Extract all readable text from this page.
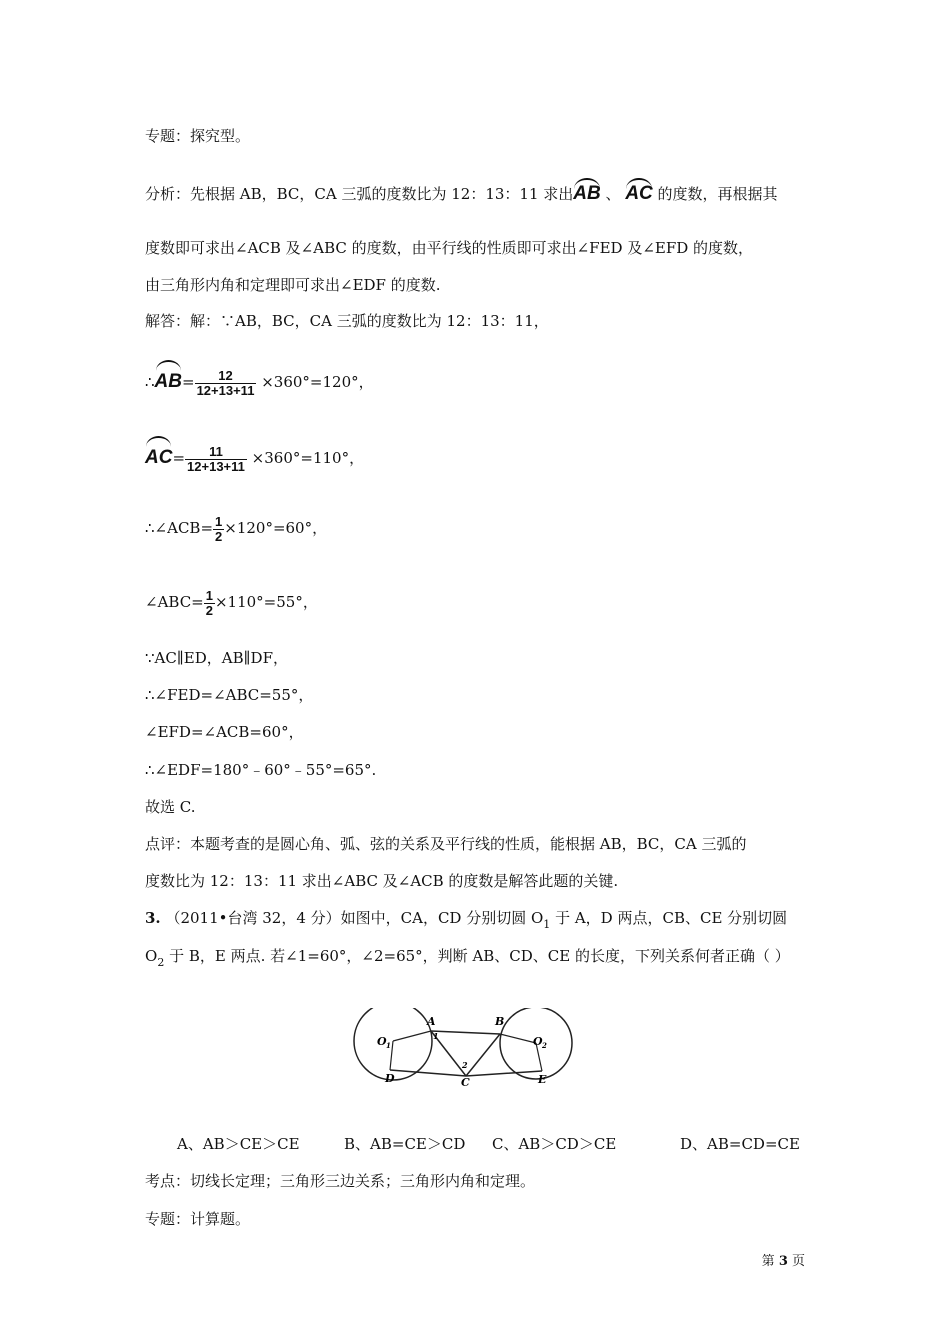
专题：探究型。
分析：先根据 AB，BC，CA 三弧的度数比为 12：13：11 求出AB 、 AC 的度数，再根据其
度数即可求出∠ACB 及∠ABC 的度数，由平行线的性质即可求出∠FED 及∠EFD 的度数，
由三角形内角和定理即可求出∠EDF 的度数.
解答：解：∵AB，BC，CA 三弧的度数比为 12：13：11，
∴AB= $\frac{12}{12+13+11} \times 360^\circ=120^\circ$，
$AC= \frac{11}{12+13+11} \times 360^\circ=110^\circ$，
∴∠ACB= $\frac{1}{2} \times 120^\circ=60^\circ$，
∠ABC= $\frac{1}{2} \times 110^\circ=55^\circ$，
∵AC∥ED，AB∥DF，
∴∠FED=∠ABC=55°，
∠EFD=∠ACB=60°，
∴∠EDF=180°﹣60°﹣55°=65°.
故选 C.
点评：本题考查的是圆心角、弧、弦的关系及平行线的性质，能根据 AB，BC，CA 三弧的
度数比为 12：13：11 求出∠ABC 及∠ACB 的度数是解答此题的关键.
3. （2011•台湾 32，4 分）如图中，CA，CD 分别切圆 $O_1$ 于 A，D 两点，CB、CE 分别切圆
$O_2$ 于 B，E 两点. 若∠1=60°，∠2=65°，判断 AB、CD、CE 的长度，下列关系何者正确（ ）
A
1
B
C
2
D	E
O 1	O 2
A、AB＞CE＞CE	B、AB=CE＞CD C、AB＞CD＞CE	D、AB=CD=CE
考点：切线长定理；三角形三边关系；三角形内角和定理。
专题：计算题。
第 3 页
